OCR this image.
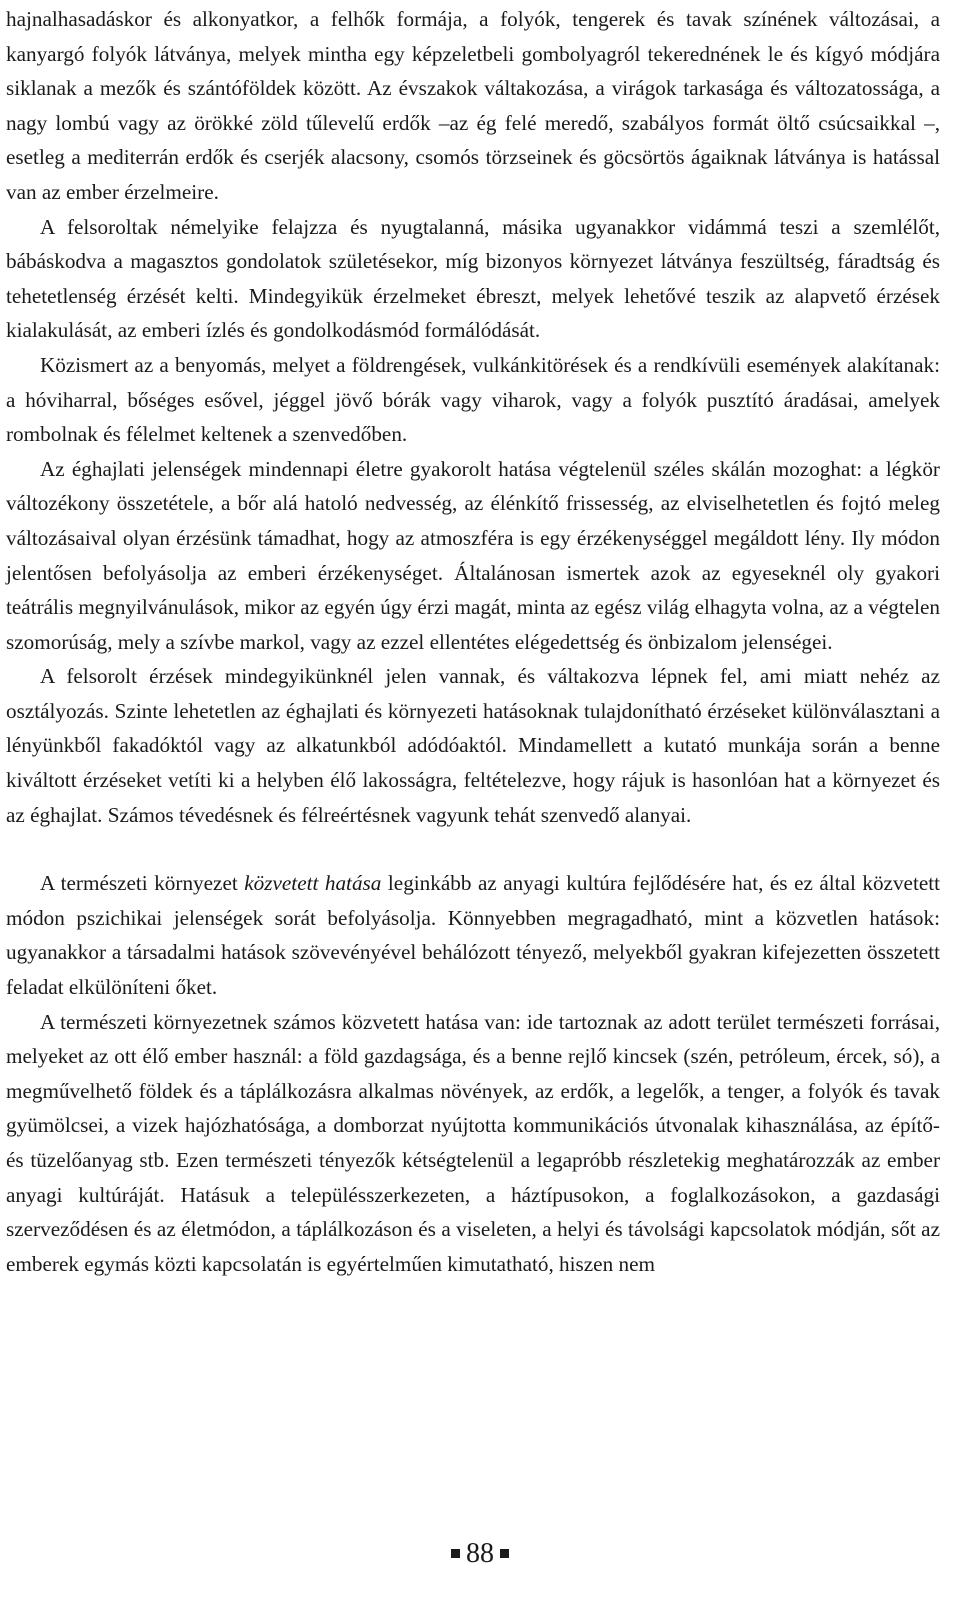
hajnalhasadáskor és alkonyatkor, a felhők formája, a folyók, tengerek és tavak színének változásai, a kanyargó folyók látványa, melyek mintha egy képzeletbeli gombolyagról tekerednének le és kígyó módjára siklanak a mezők és szántóföldek között. Az évszakok váltakozása, a virágok tarkasága és változatossága, a nagy lombú vagy az örökké zöld tűlevelű erdők –az ég felé meredő, szabályos formát öltő csúcsaikkal –, esetleg a mediterrán erdők és cserjék alacsony, csomós törzseinek és göcsörtös ágaiknak látványa is hatással van az ember érzelmeire.

A felsoroltak némelyike felajzza és nyugtalanná, másika ugyanakkor vidámmá teszi a szemlélőt, bábáskodva a magasztos gondolatok születésekor, míg bizonyos környezet látványa feszültség, fáradtság és tehetetlenség érzését kelti. Mindegyikük érzelmeket ébreszt, melyek lehetővé teszik az alapvető érzések kialakulását, az emberi ízlés és gondolkodásmód formálódását.

Közismert az a benyomás, melyet a földrengések, vulkánkitörések és a rendkívüli események alakítanak: a hóviharral, bőséges esővel, jéggel jövő bórák vagy viharok, vagy a folyók pusztító áradásai, amelyek rombolnak és félelmet keltenek a szenvedőben.

Az éghajlati jelenségek mindennapi életre gyakorolt hatása végtelenül széles skálán mozoghat: a légkör változékony összetétele, a bőr alá hatoló nedvesség, az élénkítő frissesség, az elviselhetetlen és fojtó meleg változásaival olyan érzésünk támadhat, hogy az atmoszféra is egy érzékenységgel megáldott lény. Ily módon jelentősen befolyásolja az emberi érzékenységet. Általánosan ismertek azok az egyeseknél oly gyakori teátrális megnyilvánulások, mikor az egyén úgy érzi magát, minta az egész világ elhagyta volna, az a végtelen szomorúság, mely a szívbe markol, vagy az ezzel ellentétes elégedettség és önbizalom jelenségei.

A felsorolt érzések mindegyikünknél jelen vannak, és váltakozva lépnek fel, ami miatt nehéz az osztályozás. Szinte lehetetlen az éghajlati és környezeti hatásoknak tulajdonítható érzéseket különválasztani a lényünkből fakadóktól vagy az alkatunkból adódóaktól. Mindamellett a kutató munkája során a benne kiváltott érzéseket vetíti ki a helyben élő lakosságra, feltételezve, hogy rájuk is hasonlóan hat a környezet és az éghajlat. Számos tévedésnek és félreértésnek vagyunk tehát szenvedő alanyai.

A természeti környezet közvetett hatása leginkább az anyagi kultúra fejlődésére hat, és ez által közvetett módon pszichikai jelenségek sorát befolyásolja. Könnyebben megragadható, mint a közvetlen hatások: ugyanakkor a társadalmi hatások szövevényével behálózott tényező, melyekből gyakran kifejezetten összetett feladat elkülöníteni őket.

A természeti környezetnek számos közvetett hatása van: ide tartoznak az adott terület természeti forrásai, melyeket az ott élő ember használ: a föld gazdagsága, és a benne rejlő kincsek (szén, petróleum, ércek, só), a megművelhető földek és a táplálkozásra alkalmas növények, az erdők, a legelők, a tenger, a folyók és tavak gyümölcsei, a vizek hajózhatósága, a domborzat nyújtotta kommunikációs útvonalak kihasználása, az építő- és tüzelőanyag stb. Ezen természeti tényezők kétségtelenül a legapróbb részletekig meghatározzák az ember anyagi kultúráját. Hatásuk a településszerkezeten, a háztípusokon, a foglalkozásokon, a gazdasági szerveződésen és az életmódon, a táplálkozáson és a viseleten, a helyi és távolsági kapcsolatok módján, sőt az emberek egymás közti kapcsolatán is egyértelműen kimutatható, hiszen nem

88
